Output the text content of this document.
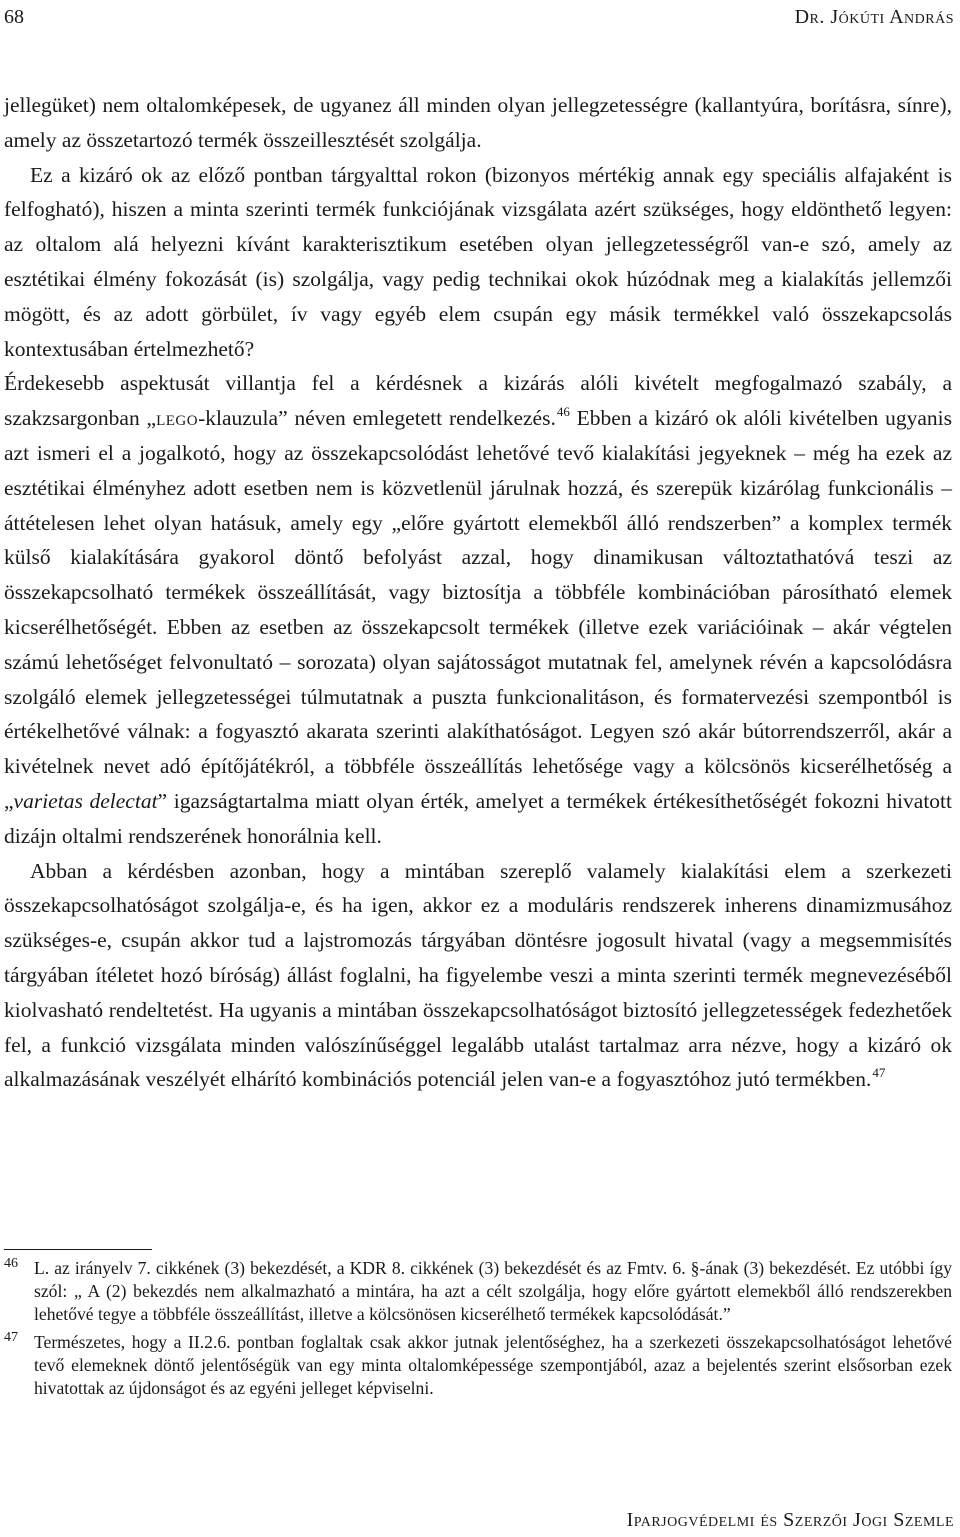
68	Dr. Jókúti András

jellegüket) nem oltalomképesek, de ugyanez áll minden olyan jellegzetességre (kallantyúra, borításra, sínre), amely az összetartozó termék összeillesztését szolgálja.

Ez a kizáró ok az előző pontban tárgyalttal rokon (bizonyos mértékig annak egy speciális alfajaként is felfogható), hiszen a minta szerinti termék funkciójának vizsgálata azért szükséges, hogy eldönthető legyen: az oltalom alá helyezni kívánt karakterisztikum esetében olyan jellegzetességről van-e szó, amely az esztétikai élmény fokozását (is) szolgálja, vagy pedig technikai okok húzódnak meg a kialakítás jellemzői mögött, és az adott görbület, ív vagy egyéb elem csupán egy másik termékkel való összekapcsolás kontextusában értelmezhető?

Érdekesebb aspektusát villantja fel a kérdésnek a kizárás alóli kivételt megfogalmazó szabály, a szakzsargonban „lego-klauzula” néven emlegetett rendelkezés.$^{46}$ Ebben a kizáró ok alóli kivételben ugyanis azt ismeri el a jogalkotó, hogy az összekapcsolódást lehetővé tevő kialakítási jegyeknek – még ha ezek az esztétikai élményhez adott esetben nem is közvetlenül járulnak hozzá, és szerepük kizárólag funkcionális – áttételesen lehet olyan hatásuk, amely egy „előre gyártott elemekből álló rendszerben” a komplex termék külső kialakítására gyakorol döntő befolyást azzal, hogy dinamikusan változtathatóvá teszi az összekapcsolható termékek összeállítását, vagy biztosítja a többféle kombinációban párosítható elemek kicserélhetőségét. Ebben az esetben az összekapcsolt termékek (illetve ezek variációinak – akár végtelen számú lehetőséget felvonultató – sorozata) olyan sajátosságot mutatnak fel, amelynek révén a kapcsolódásra szolgáló elemek jellegzetességei túlmutatnak a puszta funkcionalitáson, és formatervezési szempontból is értékelhetővé válnak: a fogyasztó akarata szerinti alakíthatóságot. Legyen szó akár bútorrendszerről, akár a kivételnek nevet adó építőjátékról, a többféle összeállítás lehetősége vagy a kölcsönös kicserélhetőség a „varietas delectat” igazságtartalma miatt olyan érték, amelyet a termékek értékesíthetőségét fokozni hivatott dizájn oltalmi rendszerének honorálnia kell.

Abban a kérdésben azonban, hogy a mintában szereplő valamely kialakítási elem a szerkezeti összekapcsolhatóságot szolgálja-e, és ha igen, akkor ez a moduláris rendszerek inherens dinamizmusához szükséges-e, csupán akkor tud a lajstromozás tárgyában döntésre jogosult hivatal (vagy a megsemmisítés tárgyában ítéletet hozó bíróság) állást foglalni, ha figyelembe veszi a minta szerinti termék megnevezéséből kiolvasható rendeltetést. Ha ugyanis a mintában összekapcsolhatóságot biztosító jellegzetességek fedezhetőek fel, a funkció vizsgálata minden valószínűséggel legalább utalást tartalmaz arra nézve, hogy a kizáró ok alkalmazásának veszélyét elhárító kombinációs potenciál jelen van-e a fogyasztóhoz jutó termékben.$^{47}$

46 L. az irányelv 7. cikkének (3) bekezdését, a KDR 8. cikkének (3) bekezdését és az Fmtv. 6. §-ának (3) bekezdését. Ez utóbbi így szól: „ A (2) bekezdés nem alkalmazható a mintára, ha azt a célt szolgálja, hogy előre gyártott elemekből álló rendszerekben lehetővé tegye a többféle összeállítást, illetve a kölcsönösen kicserélhető termékek kapcsolódását.”
47 Természetes, hogy a II.2.6. pontban foglaltak csak akkor jutnak jelentőséghez, ha a szerkezeti összekapcsolhatóságot lehetővé tevő elemeknek döntő jelentőségük van egy minta oltalomképessége szempontjából, azaz a bejelentés szerint elsősorban ezek hivatottak az újdonságot és az egyéni jelleget képviselni.
Iparjogvédelmi és Szerzői Jogi Szemle
